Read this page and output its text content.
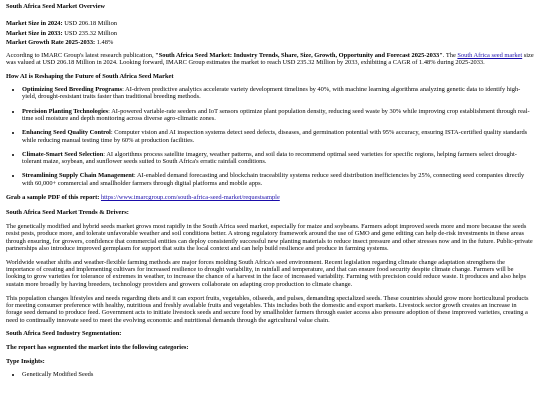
South Africa Seed Market Overview

Market Size in 2024: USD 206.18 Million

Market Size in 2033: USD 235.32 Million

Market Growth Rate 2025-2033: 1.48%

According to IMARC Group's latest research publication, "South Africa Seed Market: Industry Trends, Share, Size, Growth, Opportunity and Forecast 2025-2033". The South Africa seed market size was valued at USD 206.18 Million in 2024. Looking forward, IMARC Group estimates the market to reach USD 235.32 Million by 2033, exhibiting a CAGR of 1.48% during 2025-2033.

How AI is Reshaping the Future of South Africa Seed Market

• Optimizing Seed Breeding Programs: AI-driven predictive analytics accelerate variety development timelines by 40%, with machine learning algorithms analyzing genetic data to identify high-yield, drought-resistant traits faster than traditional breeding methods.
• Precision Planting Technologies: AI-powered variable-rate seeders and IoT sensors optimize plant population density, reducing seed waste by 30% while improving crop establishment through real-time soil moisture and depth monitoring across diverse agro-climatic zones.
• Enhancing Seed Quality Control: Computer vision and AI inspection systems detect seed defects, diseases, and germination potential with 95% accuracy, ensuring ISTA-certified quality standards while reducing manual testing time by 60% at production facilities.
• Climate-Smart Seed Selection: AI algorithms process satellite imagery, weather patterns, and soil data to recommend optimal seed varieties for specific regions, helping farmers select drought-tolerant maize, soybean, and sunflower seeds suited to South Africa's erratic rainfall conditions.
• Streamlining Supply Chain Management: AI-enabled demand forecasting and blockchain traceability systems reduce seed distribution inefficiencies by 25%, connecting seed companies directly with 60,000+ commercial and smallholder farmers through digital platforms and mobile apps.

Grab a sample PDF of this report: https://www.imarcgroup.com/south-africa-seed-market/requestsample

South Africa Seed Market Trends & Drivers:

The genetically modified and hybrid seeds market grows most rapidly in the South Africa seed market, especially for maize and soybeans. Farmers adopt improved seeds more and more because the seeds resist pests, produce more, and tolerate unfavorable weather and soil conditions better. A strong regulatory framework around the use of GMO and gene editing can help de-risk investments in these areas through ensuring, for growers, confidence that commercial entities can deploy consistently successful new planting materials to reduce insect pressure and other stresses now and in the future. Public-private partnerships also introduce improved germplasm for support that suits the local context and can help build resilience and produce in farming systems.

Worldwide weather shifts and weather-flexible farming methods are major forces molding South Africa's seed environment. Recent legislation regarding climate change adaptation strengthens the importance of creating and implementing cultivars for increased resilience to drought variability, in rainfall and temperature, and that can ensure food security despite climate change. Farmers will be looking to grow varieties for tolerance of extremes in weather, to increase the chance of a harvest in the face of increased variability. Farming with precision could reduce waste. It produces and also helps sustain more broadly by having breeders, technology providers and growers collaborate on adapting crop production to climate change.

This population changes lifestyles and needs regarding diets and it can export fruits, vegetables, oilseeds, and pulses, demanding specialized seeds. These countries should grow more horticultural products for meeting consumer preference with healthy, nutritious and freshly available fruits and vegetables. This includes both the domestic and export markets. Livestock sector growth creates an increase in forage seed demand to produce feed. Government acts to initiate livestock seeds and secure food by smallholder farmers through easier access also pressure adoption of these improved varieties, creating a need to continually innovate seed to meet the evolving economic and nutritional demands through the agricultural value chain.

South Africa Seed Industry Segmentation:

The report has segmented the market into the following categories:

Type Insights:

• Genetically Modified Seeds
